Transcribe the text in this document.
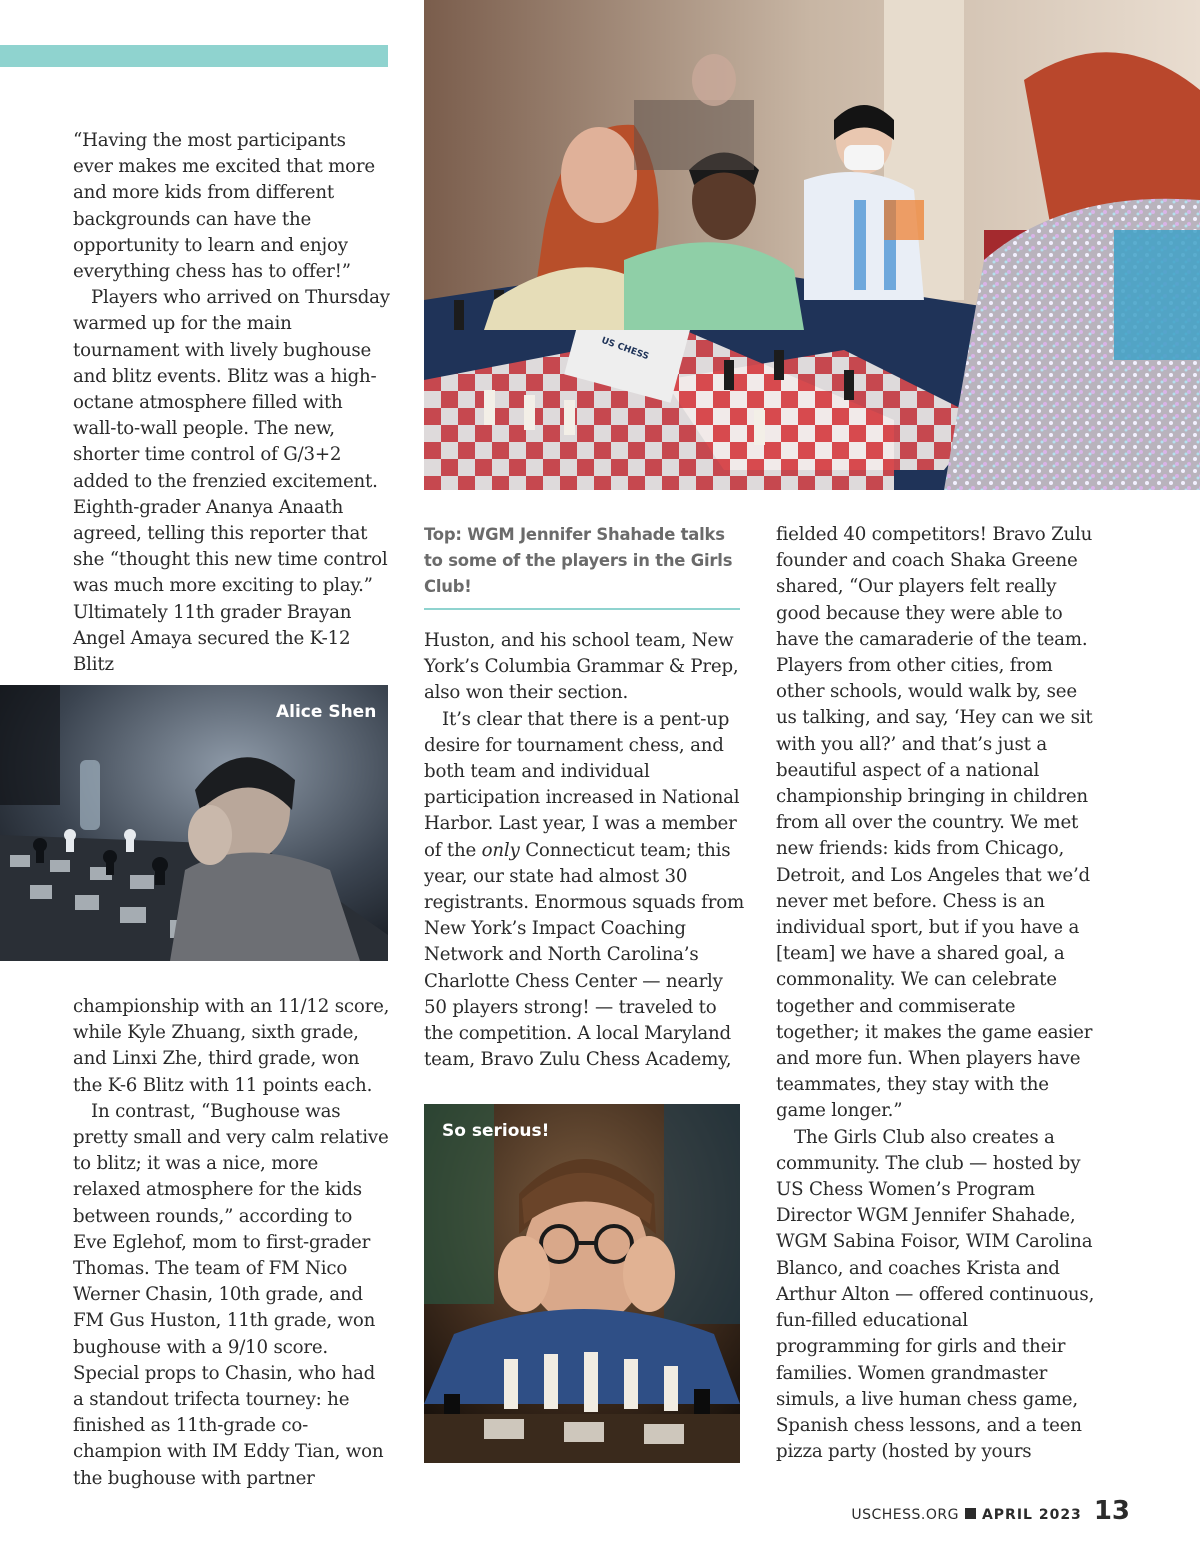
“Having the most participants ever makes me excited that more and more kids from different backgrounds can have the opportunity to learn and enjoy everything chess has to offer!”

Players who arrived on Thursday warmed up for the main tournament with lively bughouse and blitz events. Blitz was a high-octane atmosphere filled with wall-to-wall people. The new, shorter time control of G/3+2 added to the frenzied excitement. Eighth-grader Ananya Anaath agreed, telling this reporter that she “thought this new time control was much more exciting to play.” Ultimately 11th grader Brayan Angel Amaya secured the K-12 Blitz

Alice Shen

championship with an 11/12 score, while Kyle Zhuang, sixth grade, and Linxi Zhe, third grade, won the K-6 Blitz with 11 points each.

In contrast, “Bughouse was pretty small and very calm relative to blitz; it was a nice, more relaxed atmosphere for the kids between rounds,” according to Eve Eglehof, mom to first-grader Thomas. The team of FM Nico Werner Chasin, 10th grade, and FM Gus Huston, 11th grade, won bughouse with a 9/10 score. Special props to Chasin, who had a standout trifecta tourney: he finished as 11th-grade co-champion with IM Eddy Tian, won the bughouse with partner

US CHESS
Top: WGM Jennifer Shahade talks to some of the players in the Girls Club!

Huston, and his school team, New York’s Columbia Grammar & Prep, also won their section.

It’s clear that there is a pent-up desire for tournament chess, and both team and individual participation increased in National Harbor. Last year, I was a member of the only Connecticut team; this year, our state had almost 30 registrants. Enormous squads from New York’s Impact Coaching Network and North Carolina’s Charlotte Chess Center — nearly 50 players strong! — traveled to the competition. A local Maryland team, Bravo Zulu Chess Academy,

So serious!

fielded 40 competitors! Bravo Zulu founder and coach Shaka Greene shared, “Our players felt really good because they were able to have the camaraderie of the team. Players from other cities, from other schools, would walk by, see us talking, and say, ‘Hey can we sit with you all?’ and that’s just a beautiful aspect of a national championship bringing in children from all over the country. We met new friends: kids from Chicago, Detroit, and Los Angeles that we’d never met before. Chess is an individual sport, but if you have a [team] we have a shared goal, a commonality. We can celebrate together and commiserate together; it makes the game easier and more fun. When players have teammates, they stay with the game longer.”

The Girls Club also creates a community. The club — hosted by US Chess Women’s Program Director WGM Jennifer Shahade, WGM Sabina Foisor, WIM Carolina Blanco, and coaches Krista and Arthur Alton — offered continuous, fun-filled educational programming for girls and their families. Women grandmaster simuls, a live human chess game, Spanish chess lessons, and a teen pizza party (hosted by yours

USCHESS.ORG APRIL 2023 13
